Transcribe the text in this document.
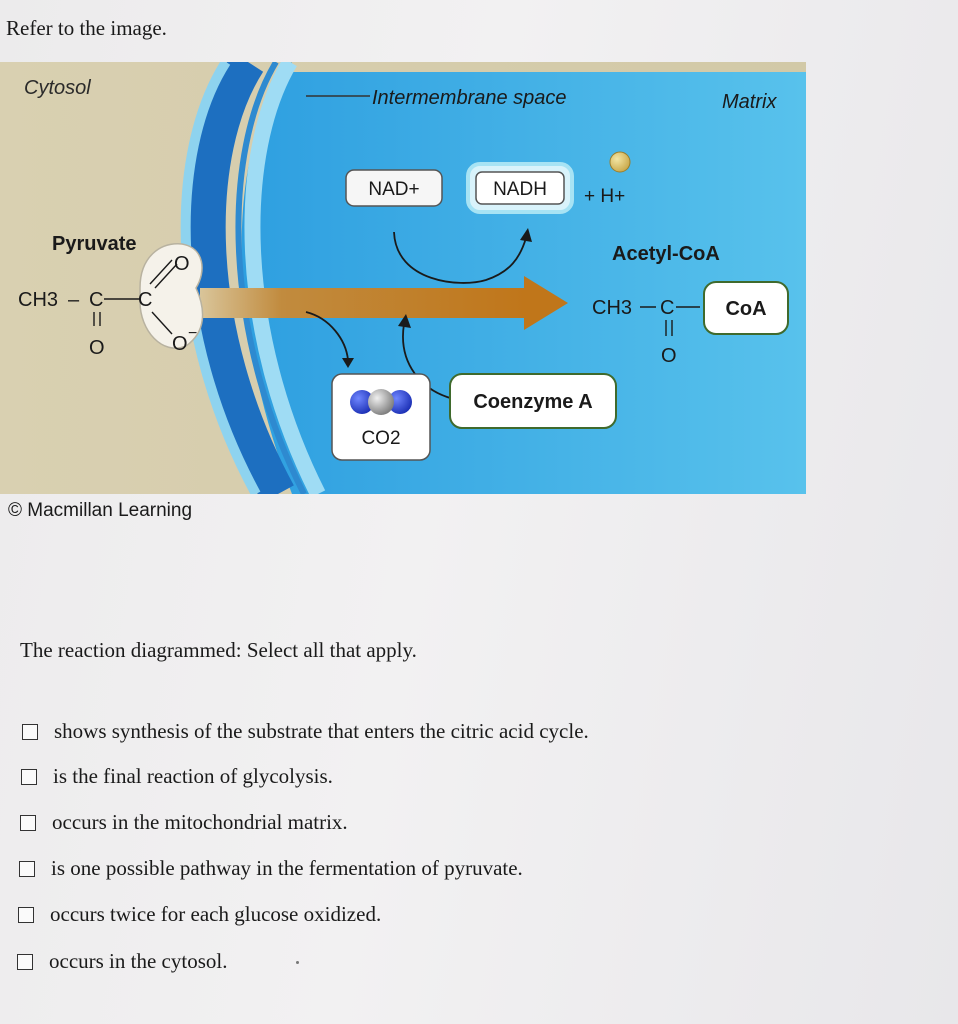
Refer to the image.
Cytosol	Intermembrane space	Matrix
Pyruvate
CH3 – C C
O
O
O −
NAD+	NADH + H+
CO2
Coenzyme A
Acetyl-CoA
CH3 C
O
CoA
© Macmillan Learning
The reaction diagrammed: Select all that apply.
shows synthesis of the substrate that enters the citric acid cycle.
is the final reaction of glycolysis.
occurs in the mitochondrial matrix.
is one possible pathway in the fermentation of pyruvate.
occurs twice for each glucose oxidized.
occurs in the cytosol.
